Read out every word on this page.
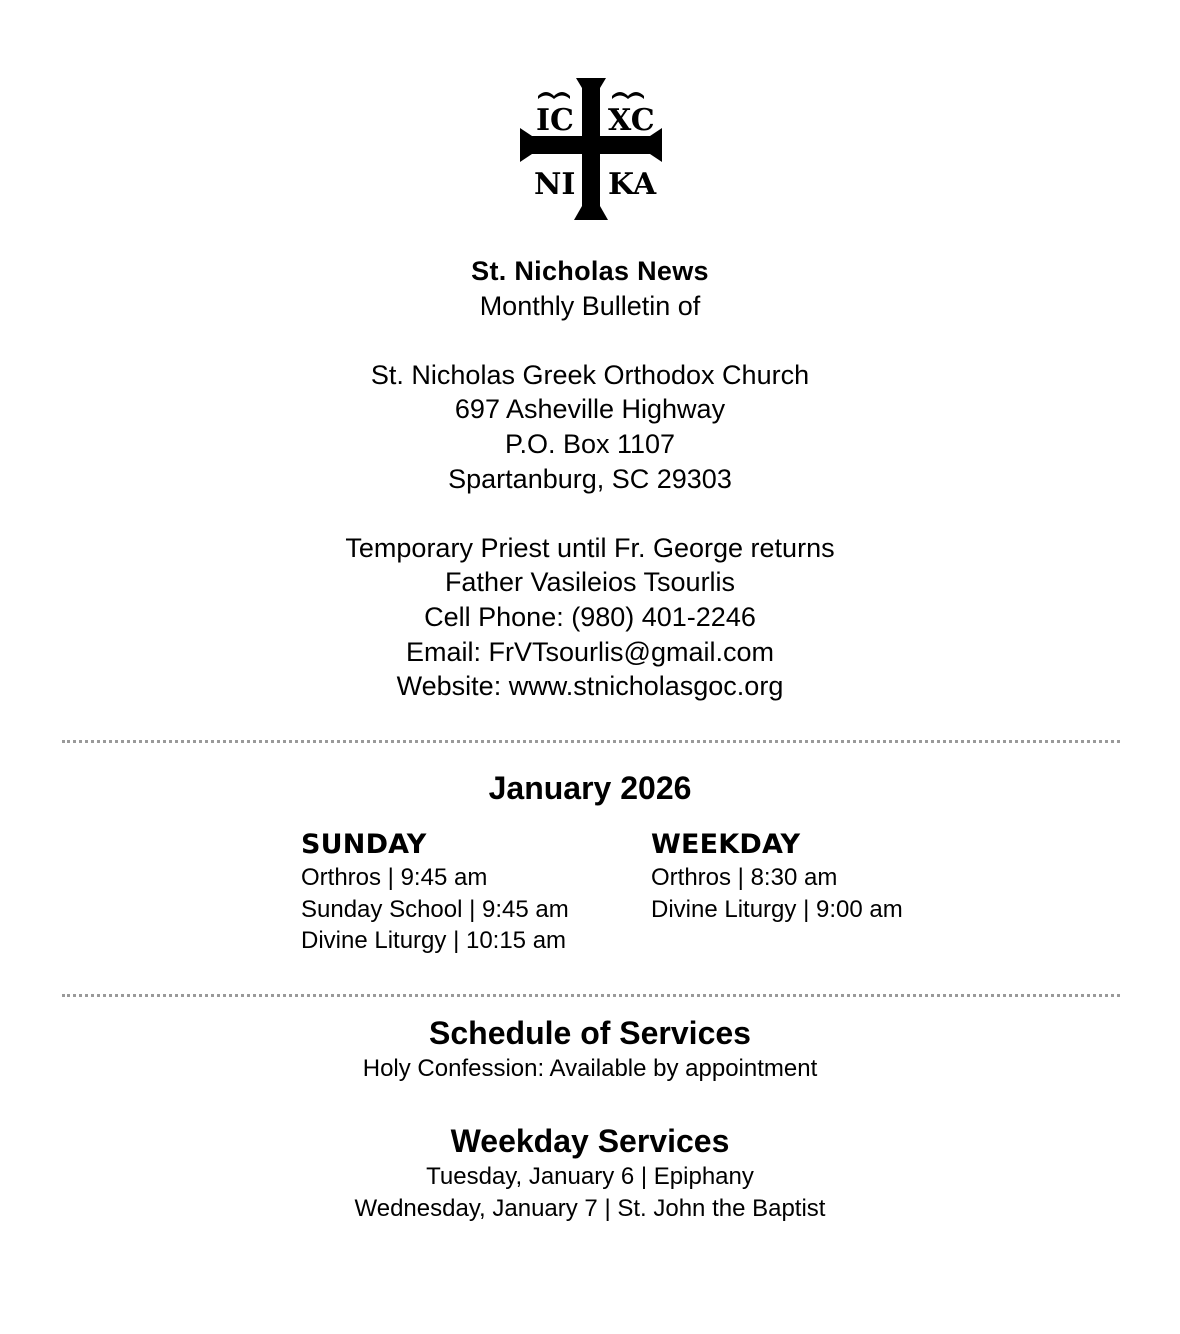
IC XC
NI KA
St. Nicholas News
Monthly Bulletin of
St. Nicholas Greek Orthodox Church
697 Asheville Highway
P.O. Box 1107
Spartanburg, SC 29303
Temporary Priest until Fr. George returns
Father Vasileios Tsourlis
Cell Phone: (980) 401-2246
Email: FrVTsourlis@gmail.com
Website: www.stnicholasgoc.org
January 2026
SUNDAY
Orthros | 9:45 am
Sunday School | 9:45 am
Divine Liturgy | 10:15 am
WEEKDAY
Orthros | 8:30 am
Divine Liturgy | 9:00 am
Schedule of Services
Holy Confession: Available by appointment
Weekday Services
Tuesday, January 6 | Epiphany
Wednesday, January 7 | St. John the Baptist
